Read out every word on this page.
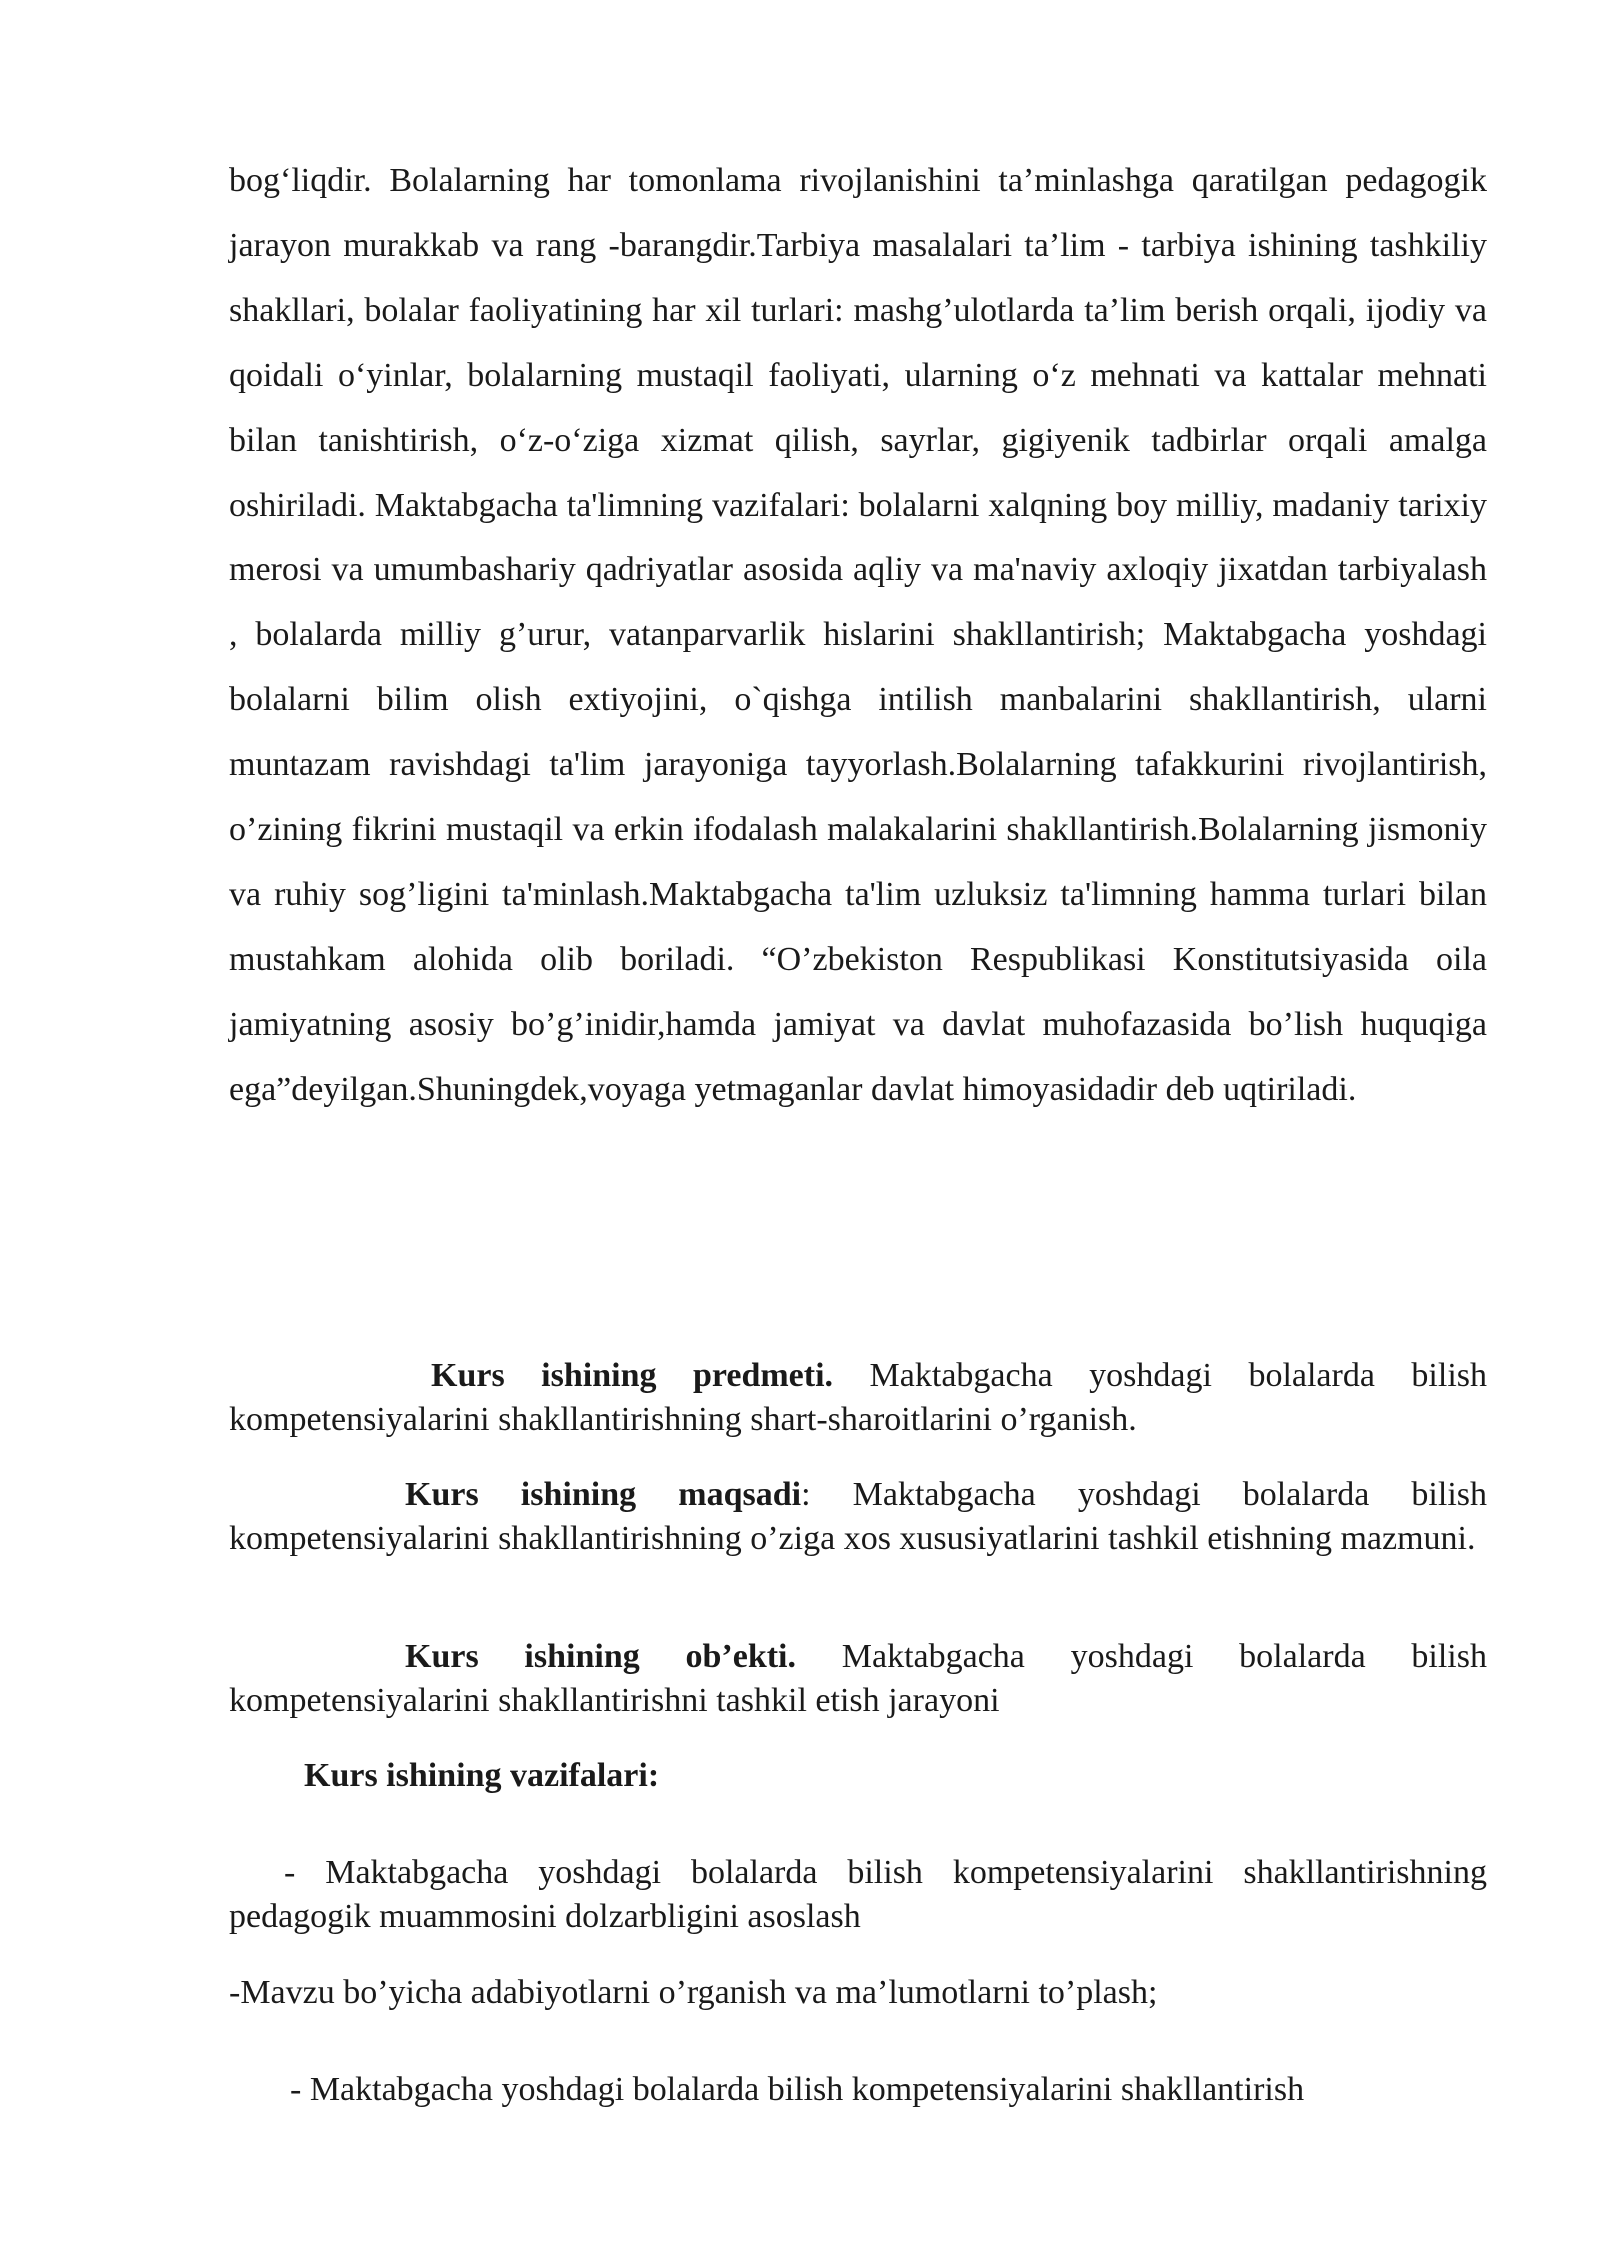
bog‘liqdir. Bolalarning har tomonlama rivojlanishini ta’minlashga qaratilgan pedagogik jarayon murakkab va rang -barangdir.Tarbiya masalalari ta’lim - tarbiya ishining tashkiliy shakllari, bolalar faoliyatining har xil turlari: mashg’ulotlarda ta’lim berish orqali, ijodiy va qoidali o‘yinlar, bolalarning mustaqil faoliyati, ularning o‘z mehnati va kattalar mehnati bilan tanishtirish, o‘z-o‘ziga xizmat qilish, sayrlar, gigiyenik tadbirlar orqali amalga oshiriladi. Maktabgacha ta'limning vazifalari: bolalarni xalqning boy milliy, madaniy tarixiy merosi va umumbashariy qadriyatlar asosida aqliy va ma'naviy axloqiy jixatdan tarbiyalash , bolalarda milliy g’urur, vatanparvarlik hislarini shakllantirish; Maktabgacha yoshdagi bolalarni bilim olish extiyojini, o`qishga intilish manbalarini shakllantirish, ularni muntazam ravishdagi ta'lim jarayoniga tayyorlash.Bolalarning tafakkurini rivojlantirish, o’zining fikrini mustaqil va erkin ifodalash malakalarini shakllantirish.Bolalarning jismoniy va ruhiy sog’ligini ta'minlash.Maktabgacha ta'lim uzluksiz ta'limning hamma turlari bilan mustahkam alohida olib boriladi. “O’zbekiston Respublikasi Konstitutsiyasida oila jamiyatning asosiy bo’g’inidir,hamda jamiyat va davlat muhofazasida bo’lish huquqiga ega”deyilgan.Shuningdek,voyaga yetmaganlar davlat himoyasidadir deb uqtiriladi.

Kurs ishining predmeti. Maktabgacha yoshdagi bolalarda bilish kompetensiyalarini shakllantirishning shart-sharoitlarini o’rganish.

Kurs ishining maqsadi: Maktabgacha yoshdagi bolalarda bilish kompetensiyalarini shakllantirishning o’ziga xos xususiyatlarini tashkil etishning mazmuni.

Kurs ishining ob’ekti. Maktabgacha yoshdagi bolalarda bilish kompetensiyalarini shakllantirishni tashkil etish jarayoni

Kurs ishining vazifalari:

- Maktabgacha yoshdagi bolalarda bilish kompetensiyalarini shakllantirishning pedagogik muammosini dolzarbligini asoslash

-Mavzu bo’yicha adabiyotlarni o’rganish va ma’lumotlarni to’plash;

- Maktabgacha yoshdagi bolalarda bilish kompetensiyalarini shakllantirish
